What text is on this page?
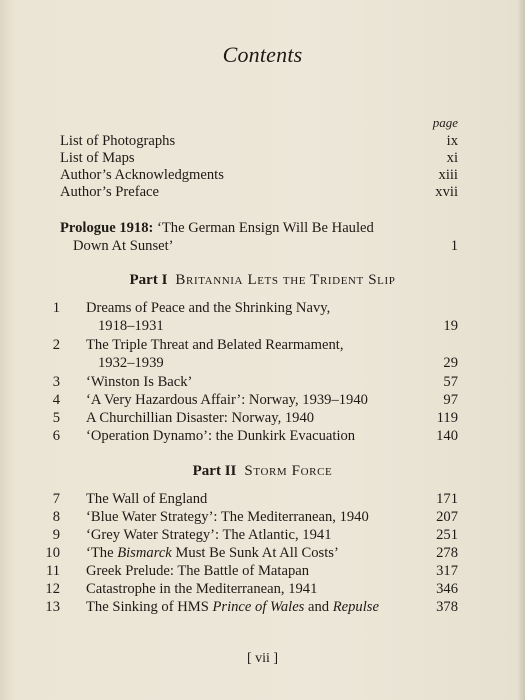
Contents
page
List of Photographs	ix
List of Maps	xi
Author’s Acknowledgments	xiii
Author’s Preface	xvii
Prologue 1918: ‘The German Ensign Will Be Hauled
Down At Sunset’	1
Part I Britannia Lets the Trident Slip
1 Dreams of Peace and the Shrinking Navy,
1918–1931	19
2 The Triple Threat and Belated Rearmament,
1932–1939	29
3 ‘Winston Is Back’	57
4 ‘A Very Hazardous Affair’: Norway, 1939–1940	97
5 A Churchillian Disaster: Norway, 1940	119
6 ‘Operation Dynamo’: the Dunkirk Evacuation	140
Part II Storm Force
7 The Wall of England	171
8 ‘Blue Water Strategy’: The Mediterranean, 1940	207
9 ‘Grey Water Strategy’: The Atlantic, 1941	251
10 ‘The Bismarck Must Be Sunk At All Costs’	278
11 Greek Prelude: The Battle of Matapan	317
12 Catastrophe in the Mediterranean, 1941	346
13 The Sinking of HMS Prince of Wales and Repulse	378
[ vii ]
